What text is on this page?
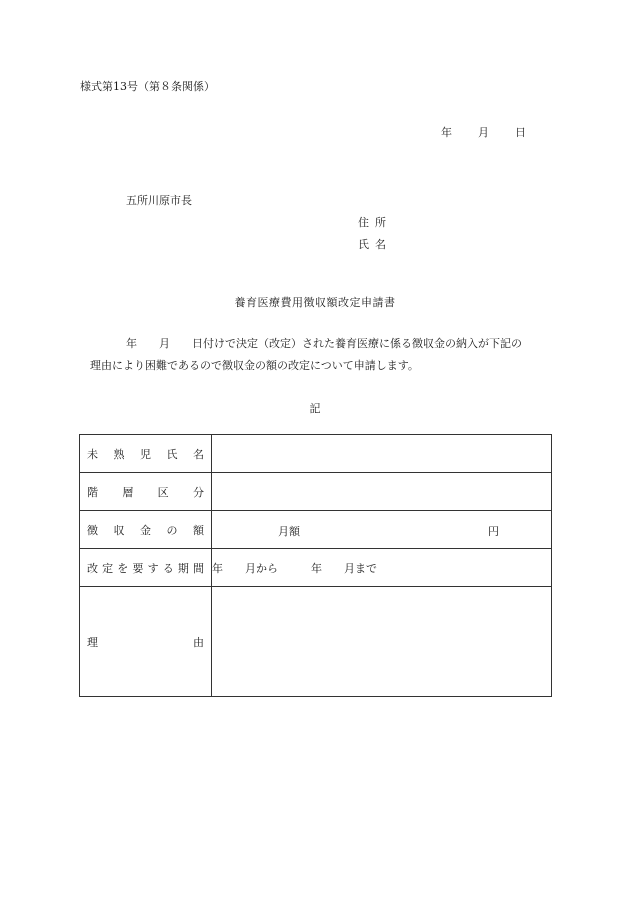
様式第13号（第８条関係）
年 月 日
五所川原市長
住所
氏名
養育医療費用徴収額改定申請書
年　　月　　日付けで決定（改定）された養育医療に係る徴収金の納入が下記の
理由により困難であるので徴収金の額の改定について申請します。
記
未熟児氏名	
階層区分	
徴収金の額	月額 円

改定を要する期間	年　　月から　　　年　　月まで
理由	
